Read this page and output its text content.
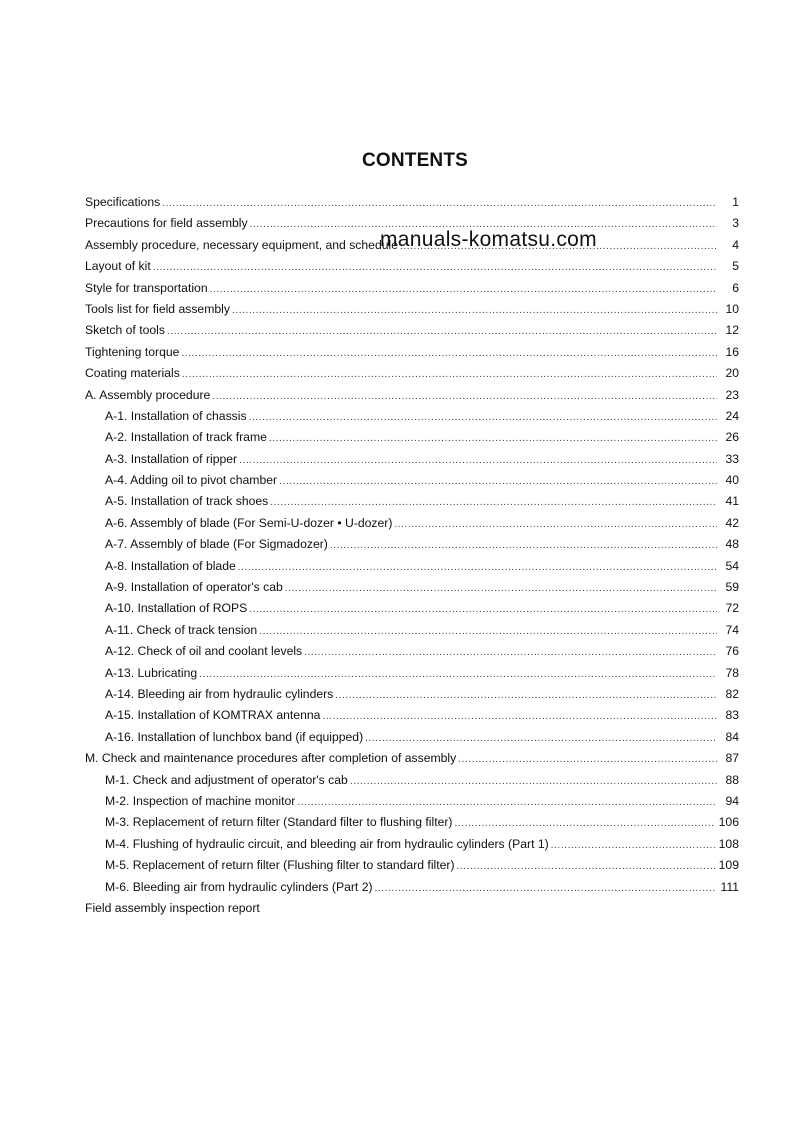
CONTENTS
Specifications .....	1
Precautions for field assembly .....	3
Assembly procedure, necessary equipment, and schedule .....	4
Layout of kit .....	5
Style for transportation .....	6
Tools list for field assembly .....	10
Sketch of tools .....	12
Tightening torque .....	16
Coating materials .....	20
A. Assembly procedure .....	23
A-1. Installation of chassis .....	24
A-2. Installation of track frame .....	26
A-3. Installation of ripper .....	33
A-4. Adding oil to pivot chamber .....	40
A-5. Installation of track shoes .....	41
A-6. Assembly of blade (For Semi-U-dozer • U-dozer) .....	42
A-7. Assembly of blade (For Sigmadozer) .....	48
A-8. Installation of blade .....	54
A-9. Installation of operator's cab .....	59
A-10. Installation of ROPS .....	72
A-11. Check of track tension .....	74
A-12. Check of oil and coolant levels .....	76
A-13. Lubricating .....	78
A-14. Bleeding air from hydraulic cylinders .....	82
A-15. Installation of KOMTRAX antenna .....	83
A-16. Installation of lunchbox band (if equipped) .....	84
M. Check and maintenance procedures after completion of assembly .....	87
M-1. Check and adjustment of operator's cab .....	88
M-2. Inspection of machine monitor .....	94
M-3. Replacement of return filter (Standard filter to flushing filter) .....	106
M-4. Flushing of hydraulic circuit, and bleeding air from hydraulic cylinders (Part 1) .....	108
M-5. Replacement of return filter (Flushing filter to standard filter) .....	109
M-6. Bleeding air from hydraulic cylinders (Part 2) .....	111
Field assembly inspection report
manuals-komatsu.com
